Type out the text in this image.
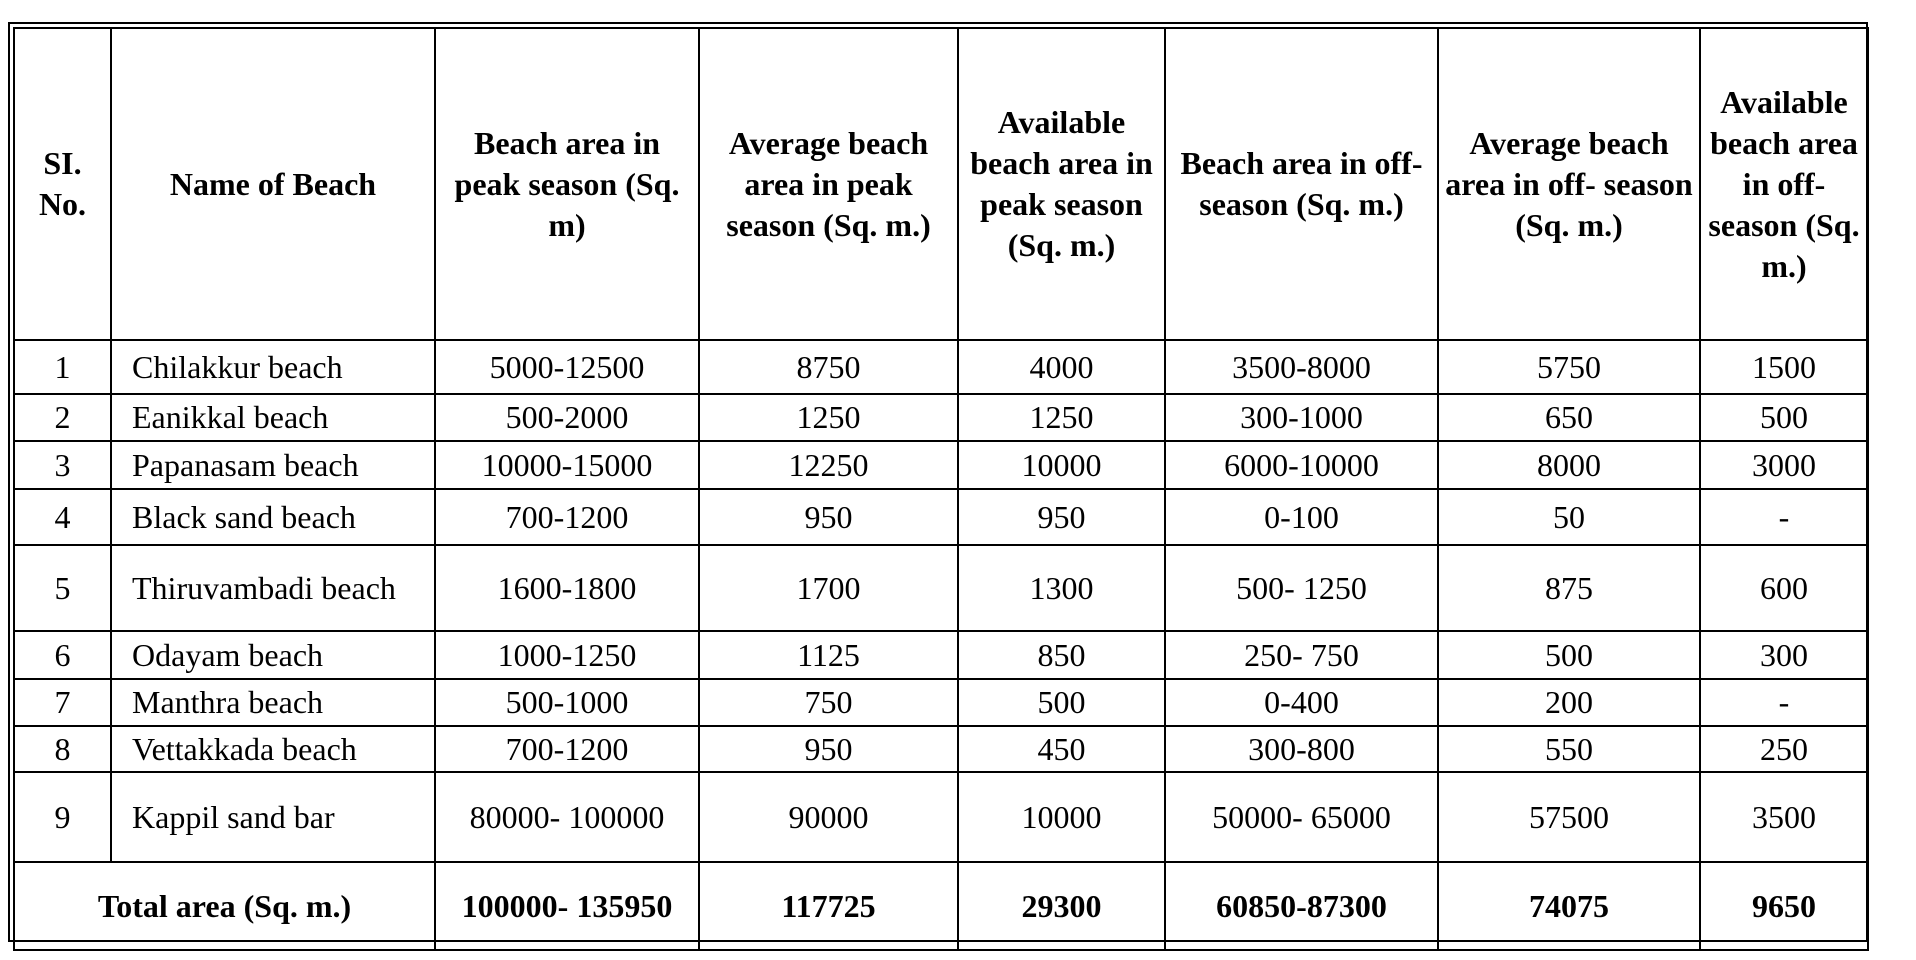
SI. No.	Name of Beach	Beach area in peak season (Sq. m)	Average beach area in peak season (Sq. m.)	Available beach area in peak season (Sq. m.)	Beach area in off- season (Sq. m.)	Average beach area in off- season (Sq. m.)	Available beach area in off-season (Sq. m.)
1	Chilakkur beach	5000-12500	8750	4000	3500-8000	5750	1500
2	Eanikkal beach	500-2000	1250	1250	300-1000	650	500
3	Papanasam beach	10000-15000	12250	10000	6000-10000	8000	3000
4	Black sand beach	700-1200	950	950	0-100	50	-
5	Thiruvambadi beach	1600-1800	1700	1300	500- 1250	875	600
6	Odayam beach	1000-1250	1125	850	250- 750	500	300
7	Manthra beach	500-1000	750	500	0-400	200	-
8	Vettakkada beach	700-1200	950	450	300-800	550	250
9	Kappil sand bar	80000- 100000	90000	10000	50000- 65000	57500	3500
Total area (Sq. m.)		100000- 135950	117725	29300	60850-87300	74075	9650
